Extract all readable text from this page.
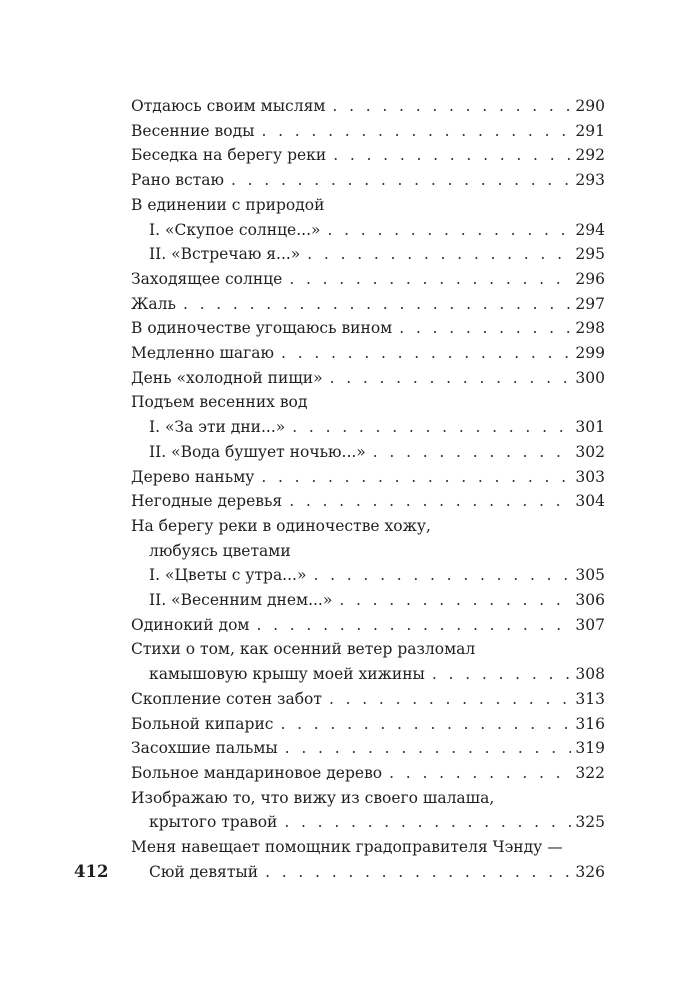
Отдаюсь своим мыслям . . .	290
Весенние воды . . .	291
Беседка на берегу реки . . .	292
Рано встаю . . .	293
В единении с природой
I. «Скупое солнце...» . . .	294
II. «Встречаю я...» . . .	295
Заходящее солнце . . .	296
Жаль . . .	297
В одиночестве угощаюсь вином . . .	298
Медленно шагаю . . .	299
День «холодной пищи» . . .	300
Подъем весенних вод
I. «За эти дни...» . . .	301
II. «Вода бушует ночью...» . . .	302
Дерево наньму . . .	303
Негодные деревья . . .	304
На берегу реки в одиночестве хожу,
любуясь цветами
I. «Цветы с утра...» . . .	305
II. «Весенним днем...» . . .	306
Одинокий дом . . .	307
Стихи о том, как осенний ветер разломал
камышовую крышу моей хижины . . .	308
Скопление сотен забот . . .	313
Больной кипарис . . .	316
Засохшие пальмы . . .	319
Больное мандариновое дерево . . .	322
Изображаю то, что вижу из своего шалаша,
крытого травой . . .	325
Меня навещает помощник градоправителя Чэнду —
Сюй девятый . . .	326
412
